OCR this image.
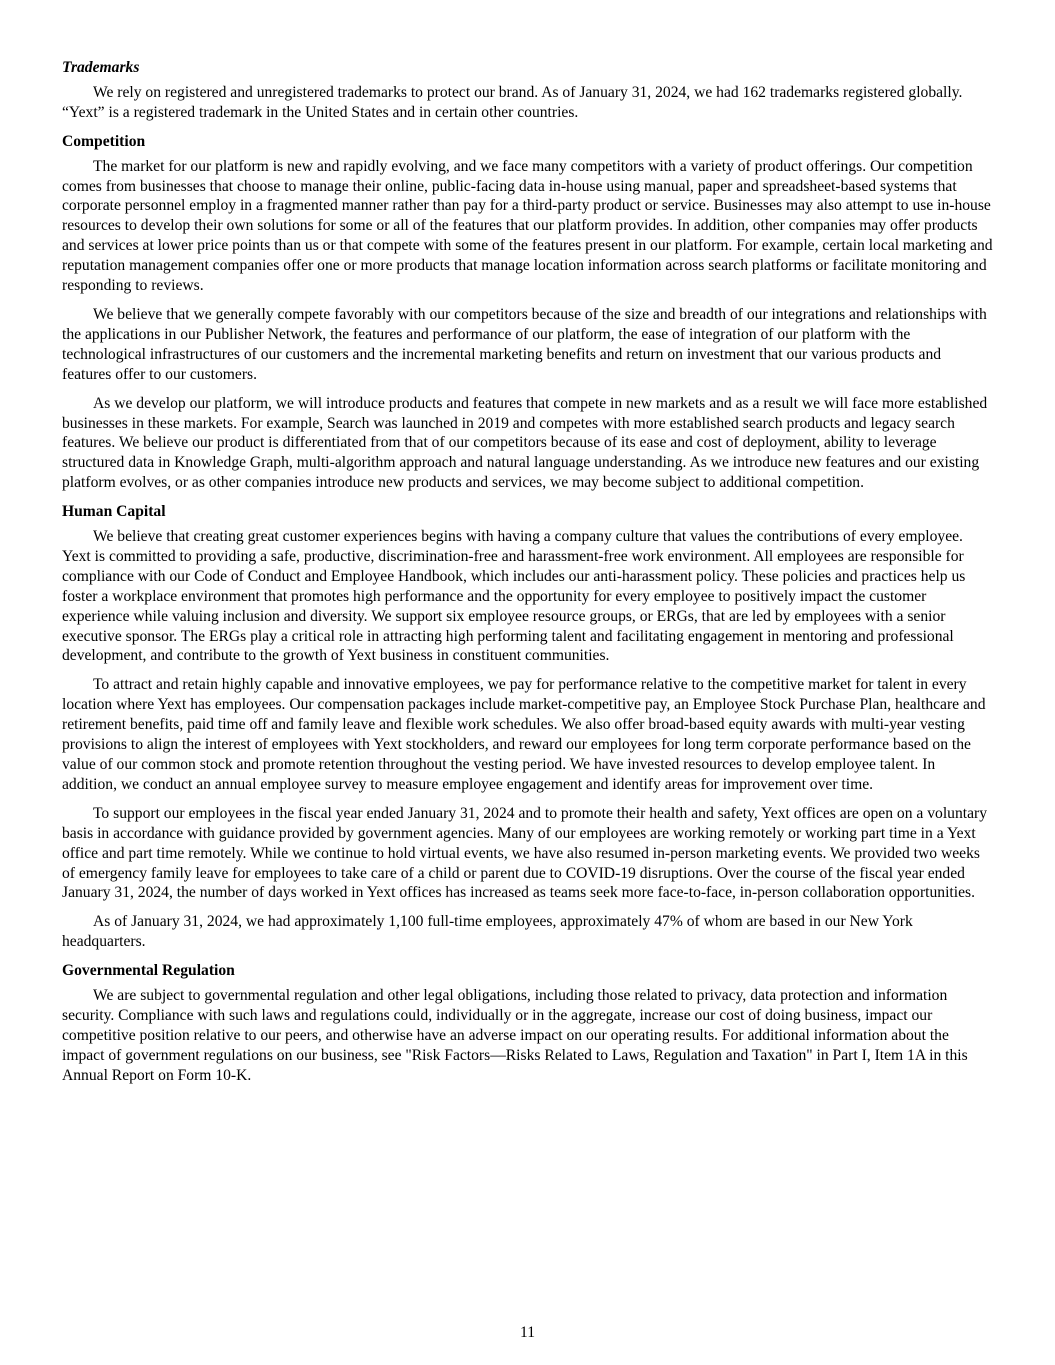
Trademarks

We rely on registered and unregistered trademarks to protect our brand. As of January 31, 2024, we had 162 trademarks registered globally. “Yext” is a registered trademark in the United States and in certain other countries.

Competition

The market for our platform is new and rapidly evolving, and we face many competitors with a variety of product offerings. Our competition comes from businesses that choose to manage their online, public-facing data in-house using manual, paper and spreadsheet-based systems that corporate personnel employ in a fragmented manner rather than pay for a third-party product or service. Businesses may also attempt to use in-house resources to develop their own solutions for some or all of the features that our platform provides. In addition, other companies may offer products and services at lower price points than us or that compete with some of the features present in our platform. For example, certain local marketing and reputation management companies offer one or more products that manage location information across search platforms or facilitate monitoring and responding to reviews.

We believe that we generally compete favorably with our competitors because of the size and breadth of our integrations and relationships with the applications in our Publisher Network, the features and performance of our platform, the ease of integration of our platform with the technological infrastructures of our customers and the incremental marketing benefits and return on investment that our various products and features offer to our customers.

As we develop our platform, we will introduce products and features that compete in new markets and as a result we will face more established businesses in these markets. For example, Search was launched in 2019 and competes with more established search products and legacy search features. We believe our product is differentiated from that of our competitors because of its ease and cost of deployment, ability to leverage structured data in Knowledge Graph, multi-algorithm approach and natural language understanding. As we introduce new features and our existing platform evolves, or as other companies introduce new products and services, we may become subject to additional competition.

Human Capital

We believe that creating great customer experiences begins with having a company culture that values the contributions of every employee. Yext is committed to providing a safe, productive, discrimination-free and harassment-free work environment. All employees are responsible for compliance with our Code of Conduct and Employee Handbook, which includes our anti-harassment policy. These policies and practices help us foster a workplace environment that promotes high performance and the opportunity for every employee to positively impact the customer experience while valuing inclusion and diversity. We support six employee resource groups, or ERGs, that are led by employees with a senior executive sponsor. The ERGs play a critical role in attracting high performing talent and facilitating engagement in mentoring and professional development, and contribute to the growth of Yext business in constituent communities.

To attract and retain highly capable and innovative employees, we pay for performance relative to the competitive market for talent in every location where Yext has employees. Our compensation packages include market-competitive pay, an Employee Stock Purchase Plan, healthcare and retirement benefits, paid time off and family leave and flexible work schedules. We also offer broad-based equity awards with multi-year vesting provisions to align the interest of employees with Yext stockholders, and reward our employees for long term corporate performance based on the value of our common stock and promote retention throughout the vesting period. We have invested resources to develop employee talent. In addition, we conduct an annual employee survey to measure employee engagement and identify areas for improvement over time.

To support our employees in the fiscal year ended January 31, 2024 and to promote their health and safety, Yext offices are open on a voluntary basis in accordance with guidance provided by government agencies. Many of our employees are working remotely or working part time in a Yext office and part time remotely. While we continue to hold virtual events, we have also resumed in-person marketing events. We provided two weeks of emergency family leave for employees to take care of a child or parent due to COVID-19 disruptions. Over the course of the fiscal year ended January 31, 2024, the number of days worked in Yext offices has increased as teams seek more face-to-face, in-person collaboration opportunities.

As of January 31, 2024, we had approximately 1,100 full-time employees, approximately 47% of whom are based in our New York headquarters.

Governmental Regulation

We are subject to governmental regulation and other legal obligations, including those related to privacy, data protection and information security. Compliance with such laws and regulations could, individually or in the aggregate, increase our cost of doing business, impact our competitive position relative to our peers, and otherwise have an adverse impact on our operating results. For additional information about the impact of government regulations on our business, see "Risk Factors—Risks Related to Laws, Regulation and Taxation" in Part I, Item 1A in this Annual Report on Form 10-K.

11
